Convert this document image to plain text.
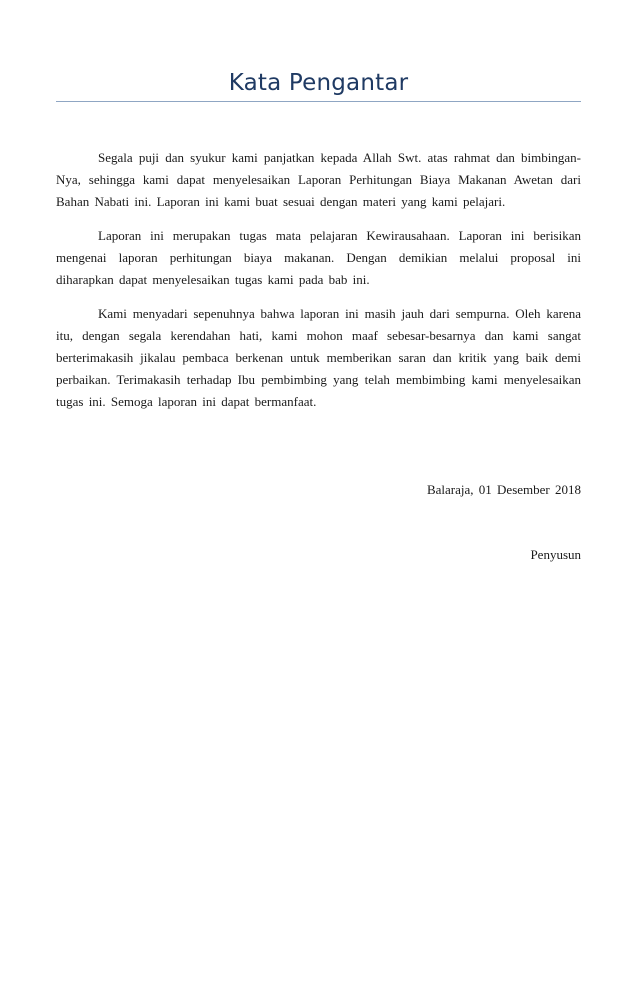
Kata Pengantar

Segala puji dan syukur kami panjatkan kepada Allah Swt. atas rahmat dan bimbingan-Nya, sehingga kami dapat menyelesaikan Laporan Perhitungan Biaya Makanan Awetan dari Bahan Nabati ini. Laporan ini kami buat sesuai dengan materi yang kami pelajari.

Laporan ini merupakan tugas mata pelajaran Kewirausahaan. Laporan ini berisikan mengenai laporan perhitungan biaya makanan. Dengan demikian melalui proposal ini diharapkan dapat menyelesaikan tugas kami pada bab ini.

Kami menyadari sepenuhnya bahwa laporan ini masih jauh dari sempurna. Oleh karena itu, dengan segala kerendahan hati, kami mohon maaf sebesar-besarnya dan kami sangat berterimakasih jikalau pembaca berkenan untuk memberikan saran dan kritik yang baik demi perbaikan. Terimakasih terhadap Ibu pembimbing yang telah membimbing kami menyelesaikan tugas ini. Semoga laporan ini dapat bermanfaat.

Balaraja, 01 Desember 2018
Penyusun
